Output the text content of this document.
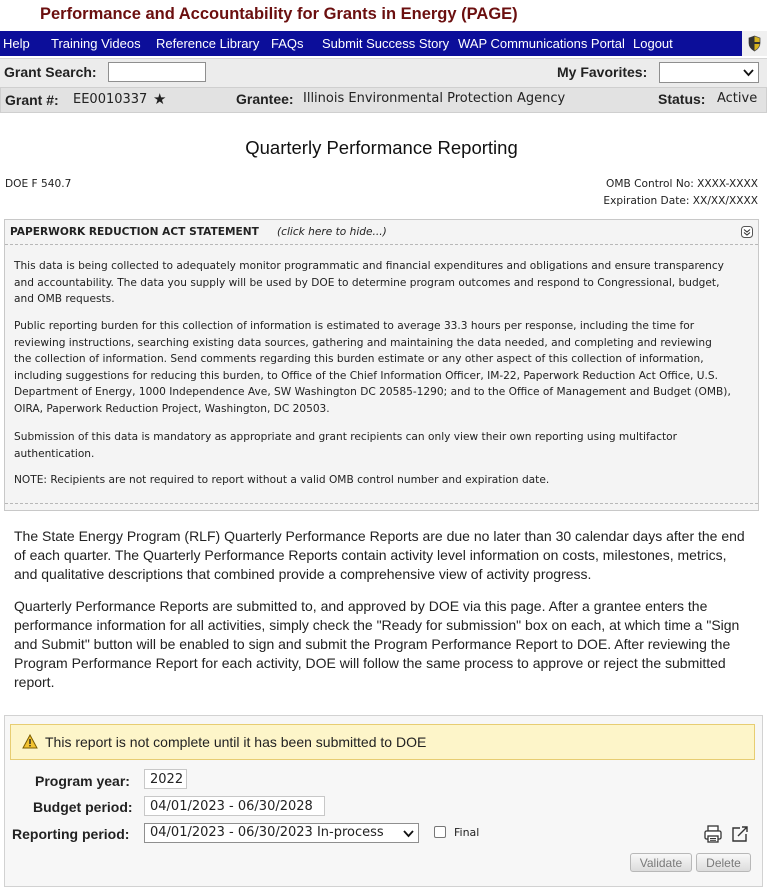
Performance and Accountability for Grants in Energy (PAGE)
Help Training Videos Reference Library FAQs Submit Success Story WAP Communications Portal Logout
Grant Search:	My Favorites:
Grant #: EE0010337 ★	Grantee: Illinois Environmental Protection Agency	Status: Active
Quarterly Performance Reporting
DOE F 540.7	OMB Control No: XXXX-XXXX
Expiration Date: XX/XX/XXXX
PAPERWORK REDUCTION ACT STATEMENT (click here to hide...)

This data is being collected to adequately monitor programmatic and financial expenditures and obligations and ensure transparency and accountability. The data you supply will be used by DOE to determine program outcomes and respond to Congressional, budget, and OMB requests.

Public reporting burden for this collection of information is estimated to average 33.3 hours per response, including the time for reviewing instructions, searching existing data sources, gathering and maintaining the data needed, and completing and reviewing the collection of information. Send comments regarding this burden estimate or any other aspect of this collection of information, including suggestions for reducing this burden, to Office of the Chief Information Officer, IM-22, Paperwork Reduction Act Office, U.S. Department of Energy, 1000 Independence Ave, SW Washington DC 20585-1290; and to the Office of Management and Budget (OMB), OIRA, Paperwork Reduction Project, Washington, DC 20503.

Submission of this data is mandatory as appropriate and grant recipients can only view their own reporting using multifactor authentication.

NOTE: Recipients are not required to report without a valid OMB control number and expiration date.

The State Energy Program (RLF) Quarterly Performance Reports are due no later than 30 calendar days after the end of each quarter. The Quarterly Performance Reports contain activity level information on costs, milestones, metrics, and qualitative descriptions that combined provide a comprehensive view of activity progress.

Quarterly Performance Reports are submitted to, and approved by DOE via this page. After a grantee enters the performance information for all activities, simply check the "Ready for submission" box on each, at which time a "Sign and Submit" button will be enabled to sign and submit the Program Performance Report to DOE. After reviewing the Program Performance Report for each activity, DOE will follow the same process to approve or reject the submitted report.

This report is not complete until it has been submitted to DOE
Program year:	2022
Budget period:	04/01/2023 - 06/30/2028
Reporting period: 04/01/2023 - 06/30/2023 In-process	Final
Validate	Delete
